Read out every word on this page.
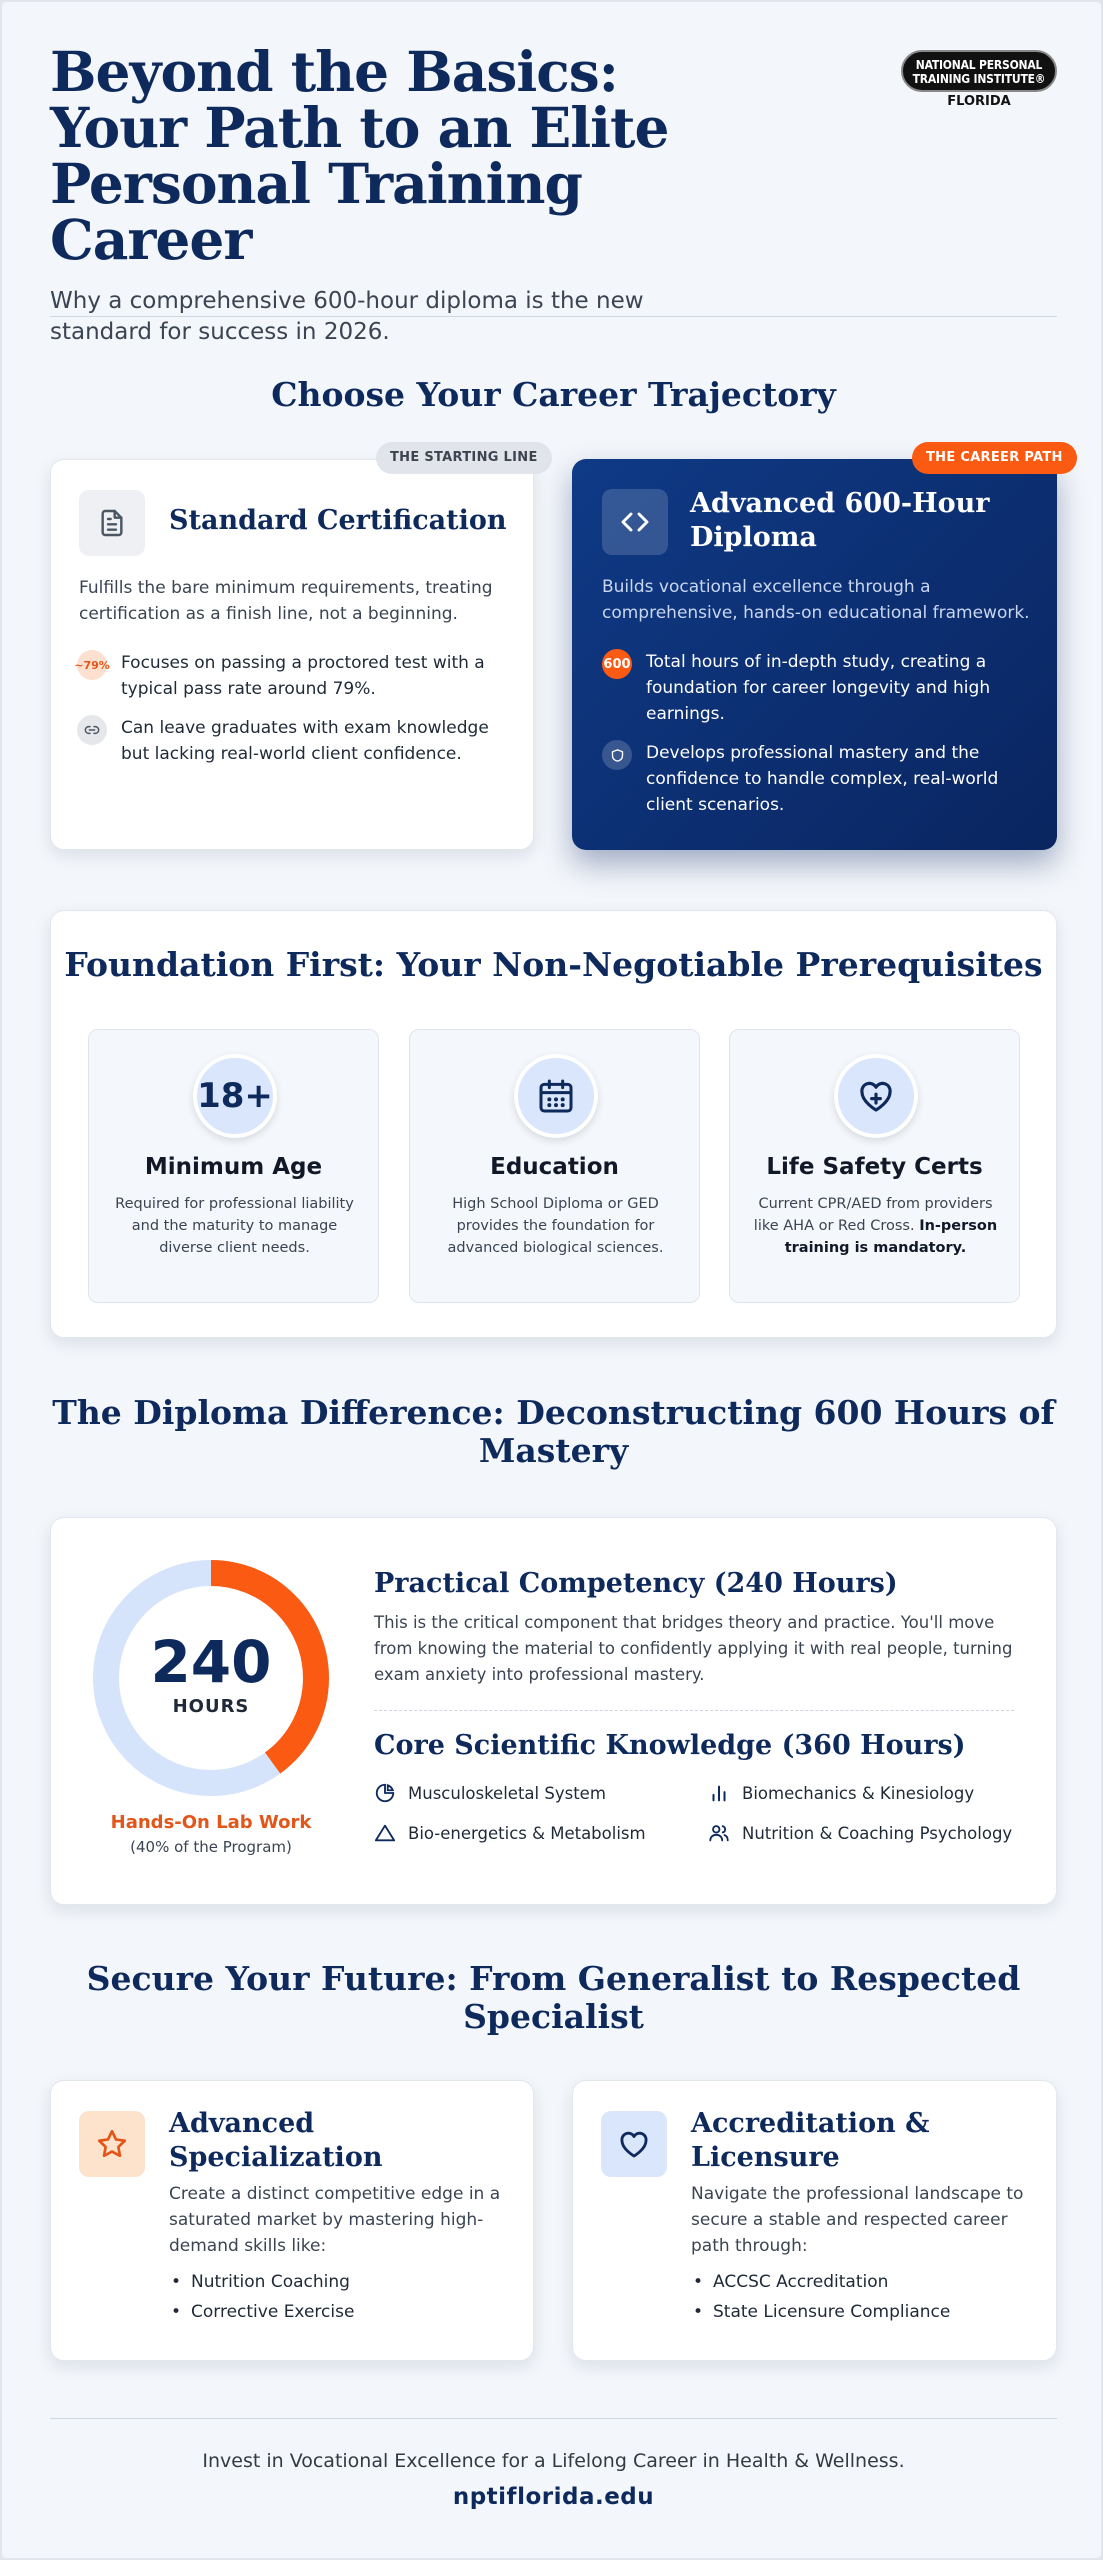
Beyond the Basics: Your Path to an Elite Personal Training Career
Why a comprehensive 600-hour diploma is the new standard for success in 2026.
NATIONAL PERSONAL
TRAINING INSTITUTE®
FLORIDA
Choose Your Career Trajectory
Standard Certification
Fulfills the bare minimum requirements, treating certification as a finish line, not a beginning.
~79% Focuses on passing a proctored test with a typical pass rate around 79%.
Can leave graduates with exam knowledge but lacking real-world client confidence.
THE STARTING LINE
Advanced 600-Hour Diploma
Builds vocational excellence through a comprehensive, hands-on educational framework.
600 Total hours of in-depth study, creating a foundation for career longevity and high earnings.
Develops professional mastery and the confidence to handle complex, real-world client scenarios.
THE CAREER PATH
Foundation First: Your Non-Negotiable Prerequisites
18+
Minimum Age
Required for professional liability and the maturity to manage diverse client needs.
Education
High School Diploma or GED provides the foundation for advanced biological sciences.
Life Safety Certs
Current CPR/AED from providers like AHA or Red Cross. In-person training is mandatory.
The Diploma Difference: Deconstructing 600 Hours of Mastery
240
HOURS
Hands-On Lab Work
(40% of the Program)
Practical Competency (240 Hours)
This is the critical component that bridges theory and practice. You'll move from knowing the material to confidently applying it with real people, turning exam anxiety into professional mastery.
Core Scientific Knowledge (360 Hours)
Musculoskeletal System	Biomechanics & Kinesiology
Bio-energetics & Metabolism	Nutrition & Coaching Psychology
Secure Your Future: From Generalist to Respected Specialist
Advanced Specialization
Create a distinct competitive edge in a saturated market by mastering high-demand skills like:
• Nutrition Coaching
• Corrective Exercise
Accreditation & Licensure
Navigate the professional landscape to secure a stable and respected career path through:
• ACCSC Accreditation
• State Licensure Compliance
Invest in Vocational Excellence for a Lifelong Career in Health & Wellness.
nptiflorida.edu
